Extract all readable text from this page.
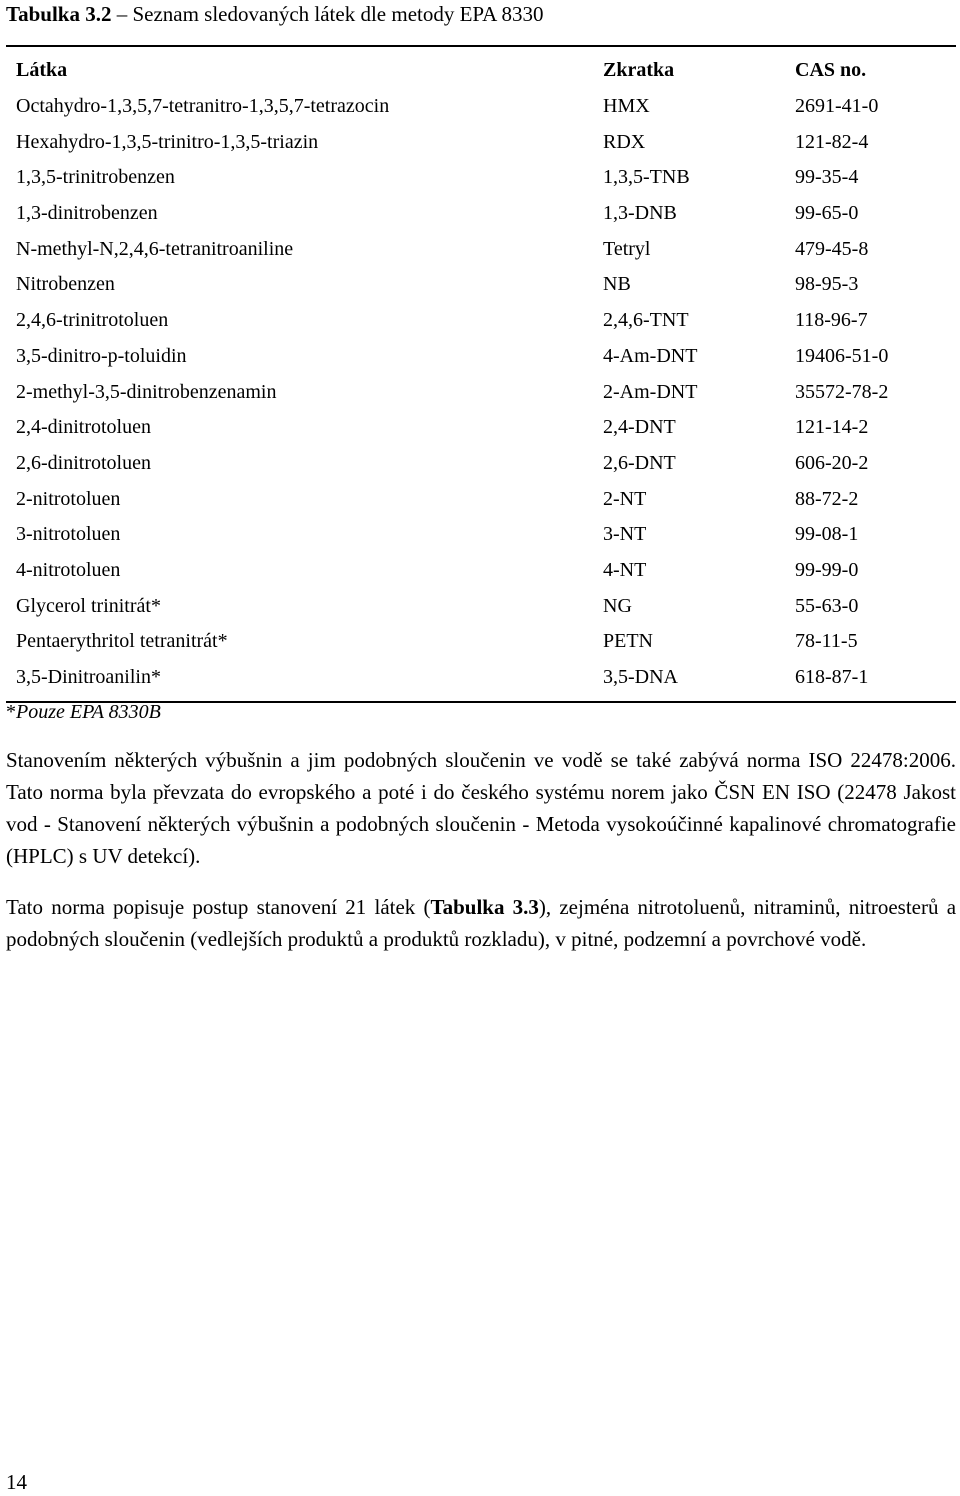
Tabulka 3.2 – Seznam sledovaných látek dle metody EPA 8330
Látka	Zkratka	CAS no.
Octahydro-1,3,5,7-tetranitro-1,3,5,7-tetrazocin	HMX	2691-41-0
Hexahydro-1,3,5-trinitro-1,3,5-triazin	RDX	121-82-4
1,3,5-trinitrobenzen	1,3,5-TNB	99-35-4
1,3-dinitrobenzen	1,3-DNB	99-65-0
N-methyl-N,2,4,6-tetranitroaniline	Tetryl	479-45-8
Nitrobenzen	NB	98-95-3
2,4,6-trinitrotoluen	2,4,6-TNT	118-96-7
3,5-dinitro-p-toluidin	4-Am-DNT	19406-51-0
2-methyl-3,5-dinitrobenzenamin	2-Am-DNT	35572-78-2
2,4-dinitrotoluen	2,4-DNT	121-14-2
2,6-dinitrotoluen	2,6-DNT	606-20-2
2-nitrotoluen	2-NT	88-72-2
3-nitrotoluen	3-NT	99-08-1
4-nitrotoluen	4-NT	99-99-0
Glycerol trinitrát*	NG	55-63-0
Pentaerythritol tetranitrát*	PETN	78-11-5
3,5-Dinitroanilin*	3,5-DNA	618-87-1
*Pouze EPA 8330B
Stanovením některých výbušnin a jim podobných sloučenin ve vodě se také zabývá norma ISO 22478:2006. Tato norma byla převzata do evropského a poté i do českého systému norem jako ČSN EN ISO (22478 Jakost vod - Stanovení některých výbušnin a podobných sloučenin - Metoda vysokoúčinné kapalinové chromatografie (HPLC) s UV detekcí).
Tato norma popisuje postup stanovení 21 látek (Tabulka 3.3), zejména nitrotoluenů, nitraminů, nitroesterů a podobných sloučenin (vedlejších produktů a produktů rozkladu), v pitné, podzemní a povrchové vodě.
14
